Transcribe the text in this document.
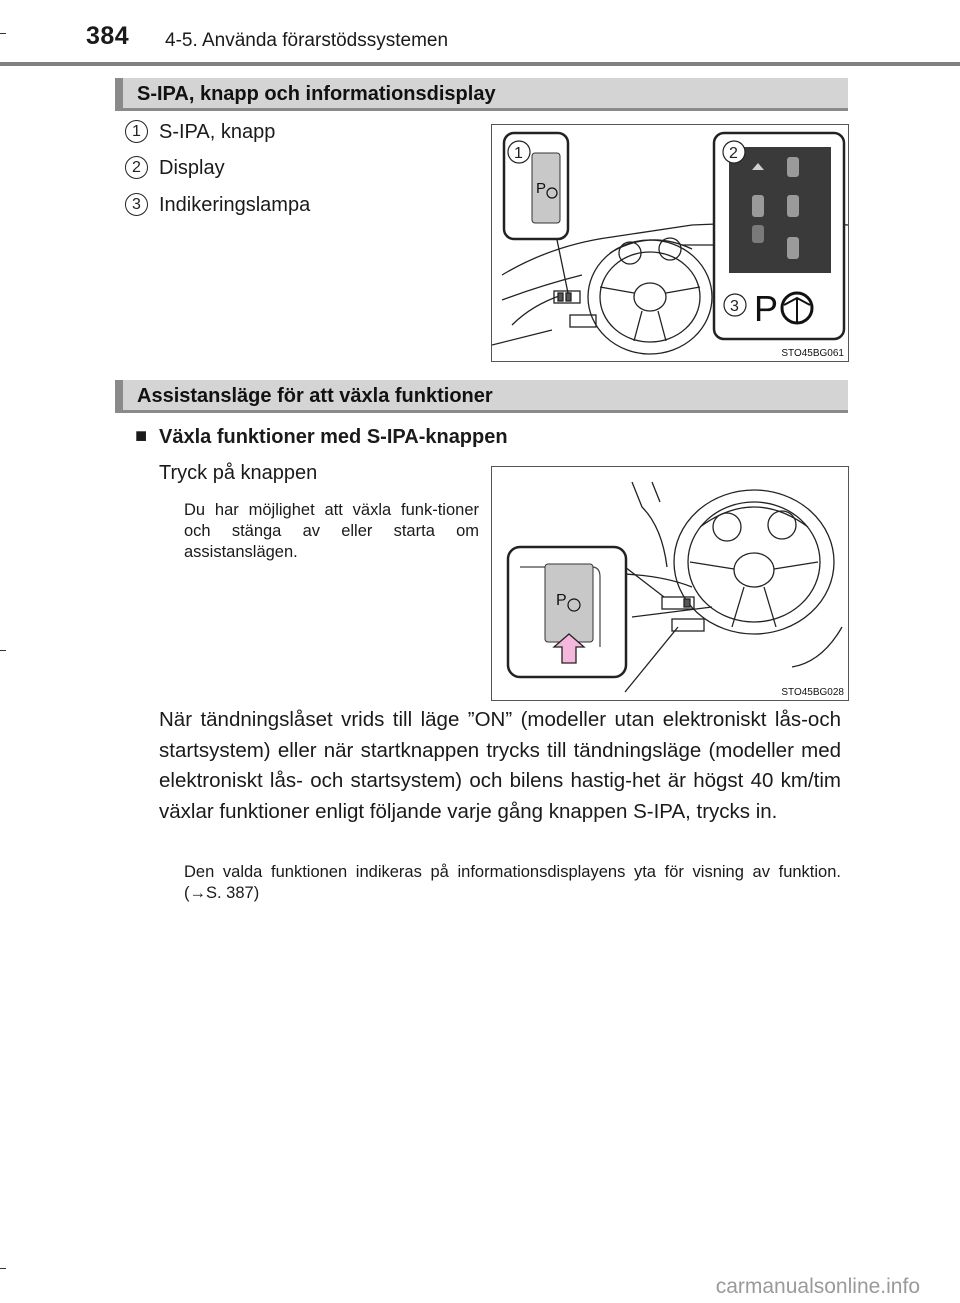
384 4-5. Använda förarstödssystemen
S-IPA, knapp och informationsdisplay
1 S-IPA, knapp
2 Display
3 Indikeringslampa
P
1	2
3 P
STO45BG061
Assistansläge för att växla funktioner
■ Växla funktioner med S-IPA-knappen
Tryck på knappen
Du har möjlighet att växla funk-tioner och stänga av eller starta om assistanslägen.
P
STO45BG028
När tändningslåset vrids till läge ”ON” (modeller utan elektroniskt lås-och startsystem) eller när startknappen trycks till tändningsläge (modeller med elektroniskt lås- och startsystem) och bilens hastig-het är högst 40 km/tim växlar funktioner enligt följande varje gång knappen S-IPA, trycks in.
Den valda funktionen indikeras på informationsdisplayens yta för visning av funktion. (→S. 387)
carmanualsonline.info
